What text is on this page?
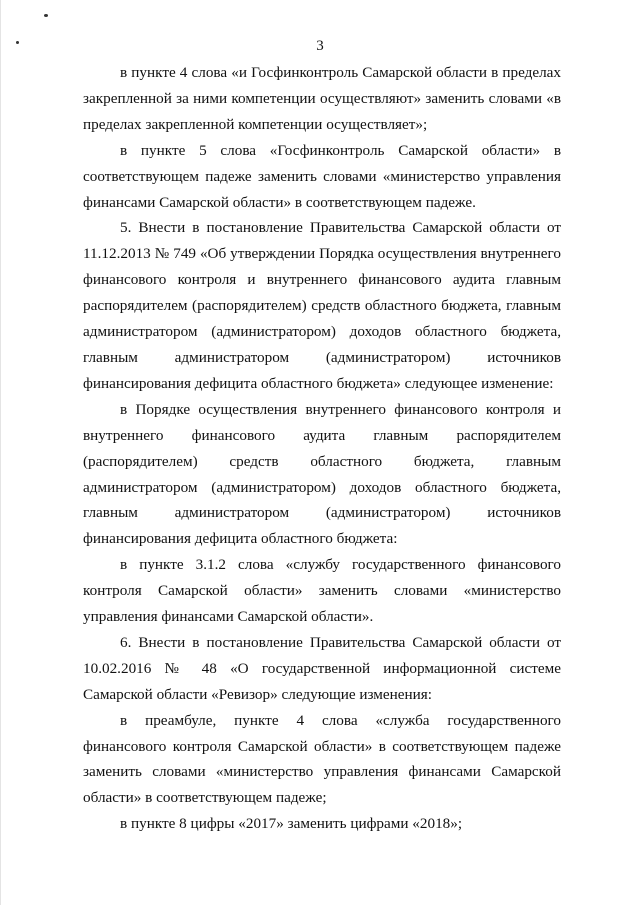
3

в пункте 4 слова «и Госфинконтроль Самарской области в пределах закрепленной за ними компетенции осуществляют» заменить словами «в пределах закрепленной компетенции осуществляет»;

в пункте 5 слова «Госфинконтроль Самарской области» в соответствующем падеже заменить словами «министерство управления финансами Самарской области» в соответствующем падеже.

5. Внести в постановление Правительства Самарской области от 11.12.2013 № 749 «Об утверждении Порядка осуществления внутреннего финансового контроля и внутреннего финансового аудита главным распорядителем (распорядителем) средств областного бюджета, главным администратором (администратором) доходов областного бюджета, главным администратором (администратором) источников финансирования дефицита областного бюджета» следующее изменение:

в Порядке осуществления внутреннего финансового контроля и внутреннего финансового аудита главным распорядителем (распорядителем) средств областного бюджета, главным администратором (администратором) доходов областного бюджета, главным администратором (администратором) источников финансирования дефицита областного бюджета:

в пункте 3.1.2 слова «службу государственного финансового контроля Самарской области» заменить словами «министерство управления финансами Самарской области».

6. Внести в постановление Правительства Самарской области от 10.02.2016 № 48 «О государственной информационной системе Самарской области «Ревизор» следующие изменения:

в преамбуле, пункте 4 слова «служба государственного финансового контроля Самарской области» в соответствующем падеже заменить словами «министерство управления финансами Самарской области» в соответствующем падеже;

в пункте 8 цифры «2017» заменить цифрами «2018»;
